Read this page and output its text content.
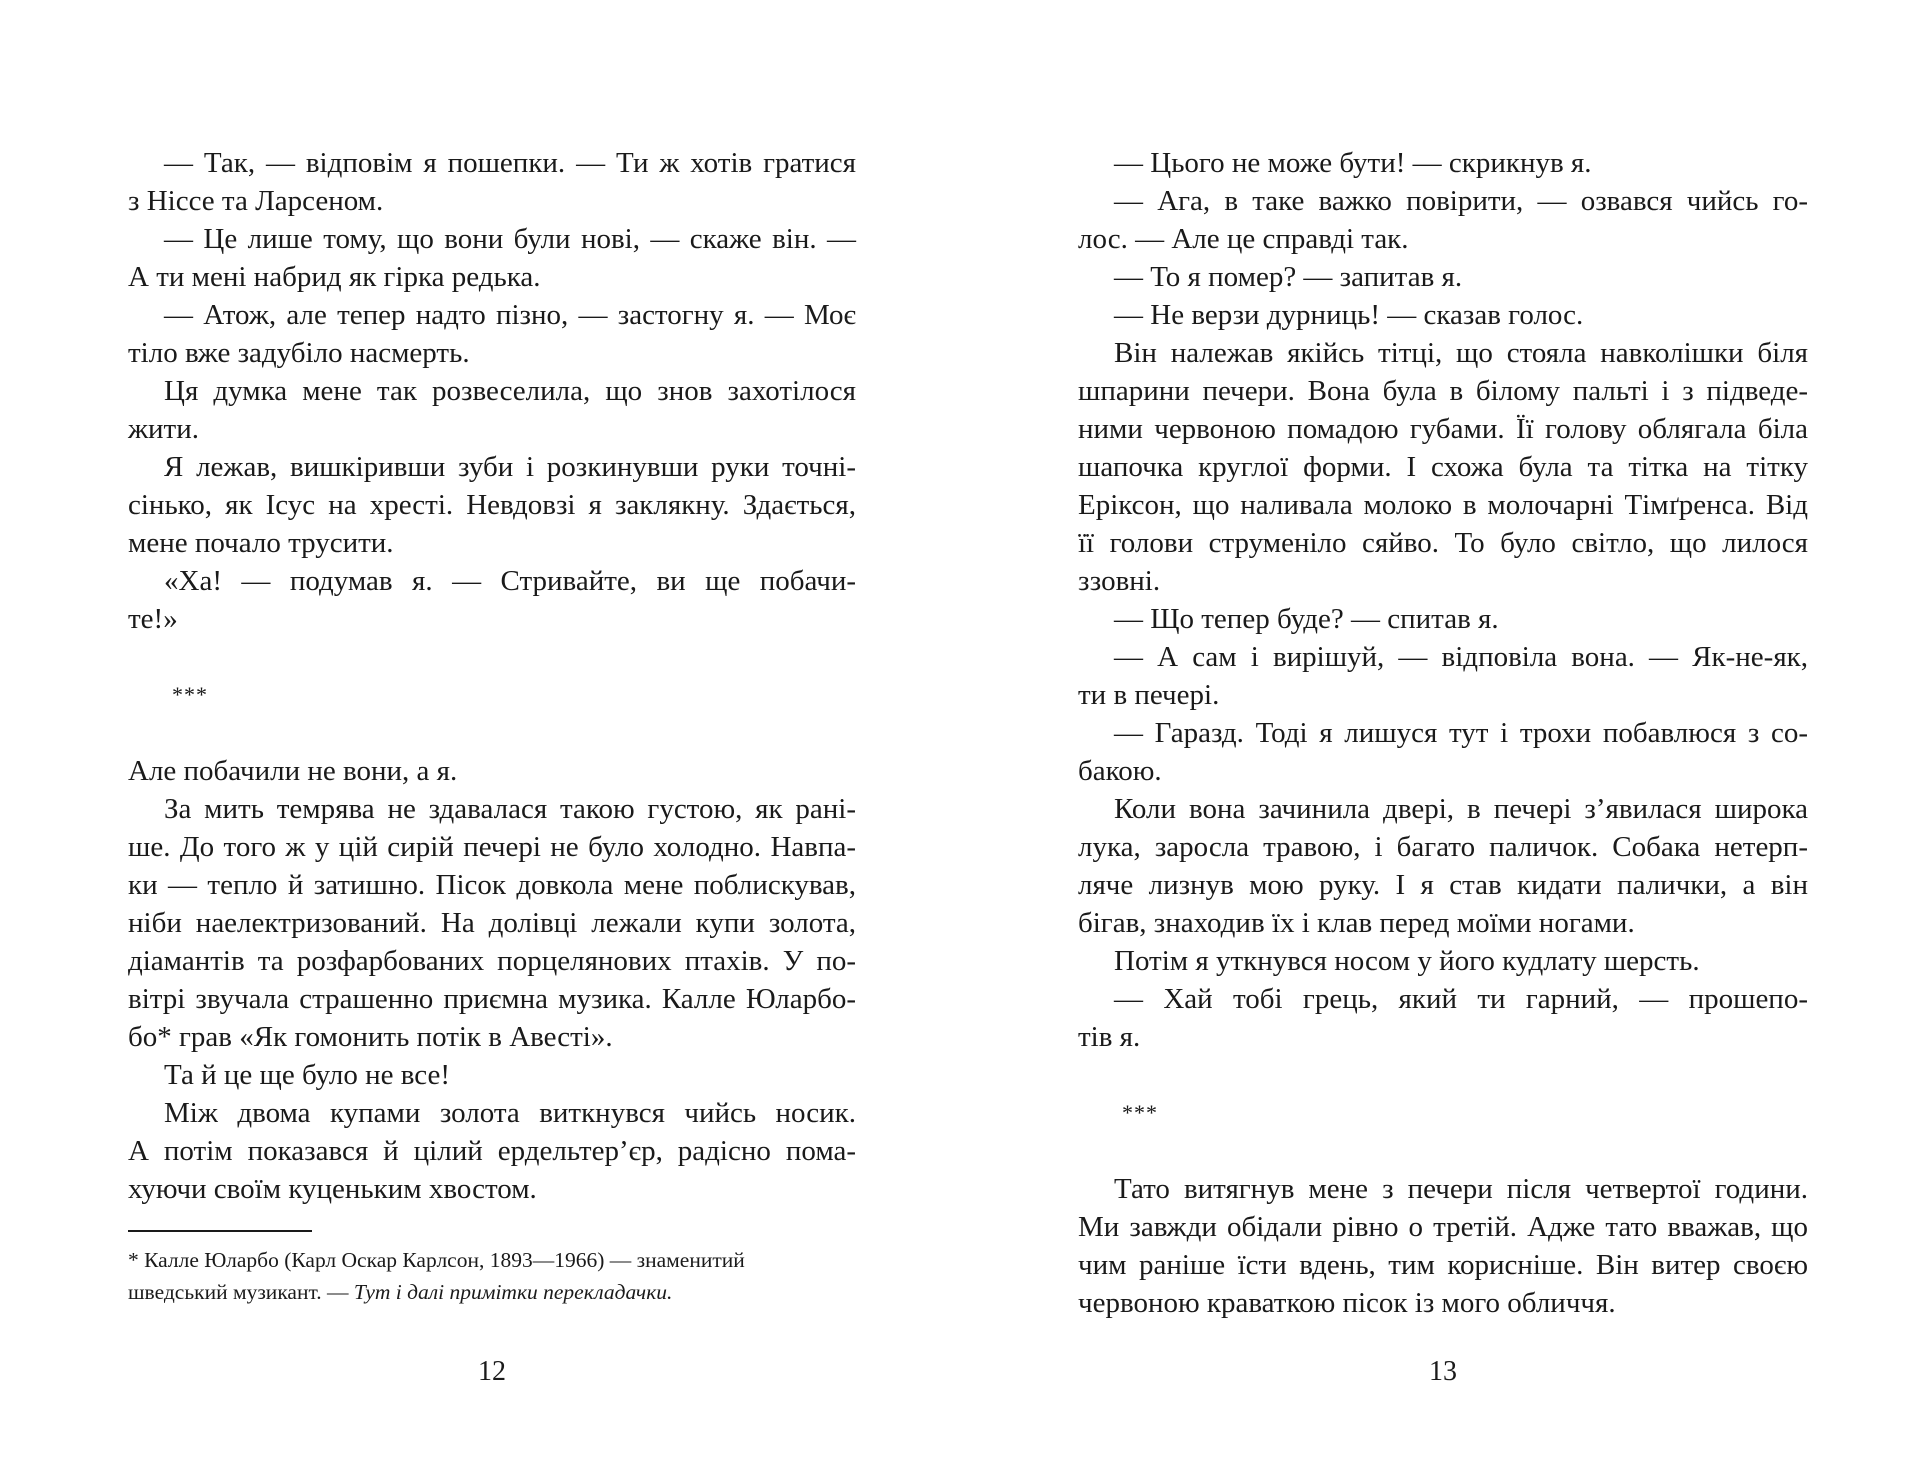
— Так, — відповім я пошепки. — Ти ж хотів гратися
з Ніссе та Ларсеном.
— Це лише тому, що вони були нові, — скаже він. —
А ти мені набрид як гірка редька.
— Атож, але тепер надто пізно, — застогну я. — Моє
тіло вже задубіло насмерть.
Ця думка мене так розвеселила, що знов захотілося
жити.
Я лежав, вишкіривши зуби і розкинувши руки точні-
сінько, як Ісус на хресті. Невдовзі я заклякну. Здається,
мене почало трусити.
«Ха! — подумав я. — Стривайте, ви ще побачи-
те!»
***
Але побачили не вони, а я.
За мить темрява не здавалася такою густою, як рані-
ше. До того ж у цій сирій печері не було холодно. Навпа-
ки — тепло й затишно. Пісок довкола мене поблискував,
ніби наелектризований. На долівці лежали купи золота,
діамантів та розфарбованих порцелянових птахів. У по-
вітрі звучала страшенно приємна музика. Калле Юларбо-
бо* грав «Як гомонить потік в Авесті».
Та й це ще було не все!
Між двома купами золота виткнувся чийсь носик.
А потім показався й цілий ердельтер’єр, радісно пома-
хуючи своїм куценьким хвостом.
* Калле Юларбо (Карл Оскар Карлсон, 1893—1966) — знаменитий
шведський музикант. — Тут і далі примітки перекладачки.
12
— Цього не може бути! — скрикнув я.
— Ага, в таке важко повірити, — озвався чийсь го-
лос. — Але це справді так.
— То я помер? — запитав я.
— Не верзи дурниць! — сказав голос.
Він належав якійсь тітці, що стояла навколішки біля
шпарини печери. Вона була в білому пальті і з підведе-
ними червоною помадою губами. Її голову облягала біла
шапочка круглої форми. І схожа була та тітка на тітку
Еріксон, що наливала молоко в молочарні Тімґренса. Від
її голови струменіло сяйво. То було світло, що лилося
ззовні.
— Що тепер буде? — спитав я.
— А сам і вирішуй, — відповіла вона. — Як-не-як,
ти в печері.
— Гаразд. Тоді я лишуся тут і трохи побавлюся з со-
бакою.
Коли вона зачинила двері, в печері з’явилася широка
лука, заросла травою, і багато паличок. Собака нетерп-
ляче лизнув мою руку. І я став кидати палички, а він
бігав, знаходив їх і клав перед моїми ногами.
Потім я уткнувся носом у його кудлату шерсть.
— Хай тобі грець, який ти гарний, — прошепо-
тів я.
***
Тато витягнув мене з печери після четвертої години.
Ми завжди обідали рівно о третій. Адже тато вважав, що
чим раніше їсти вдень, тим корисніше. Він витер своєю
червоною краваткою пісок із мого обличчя.
13
